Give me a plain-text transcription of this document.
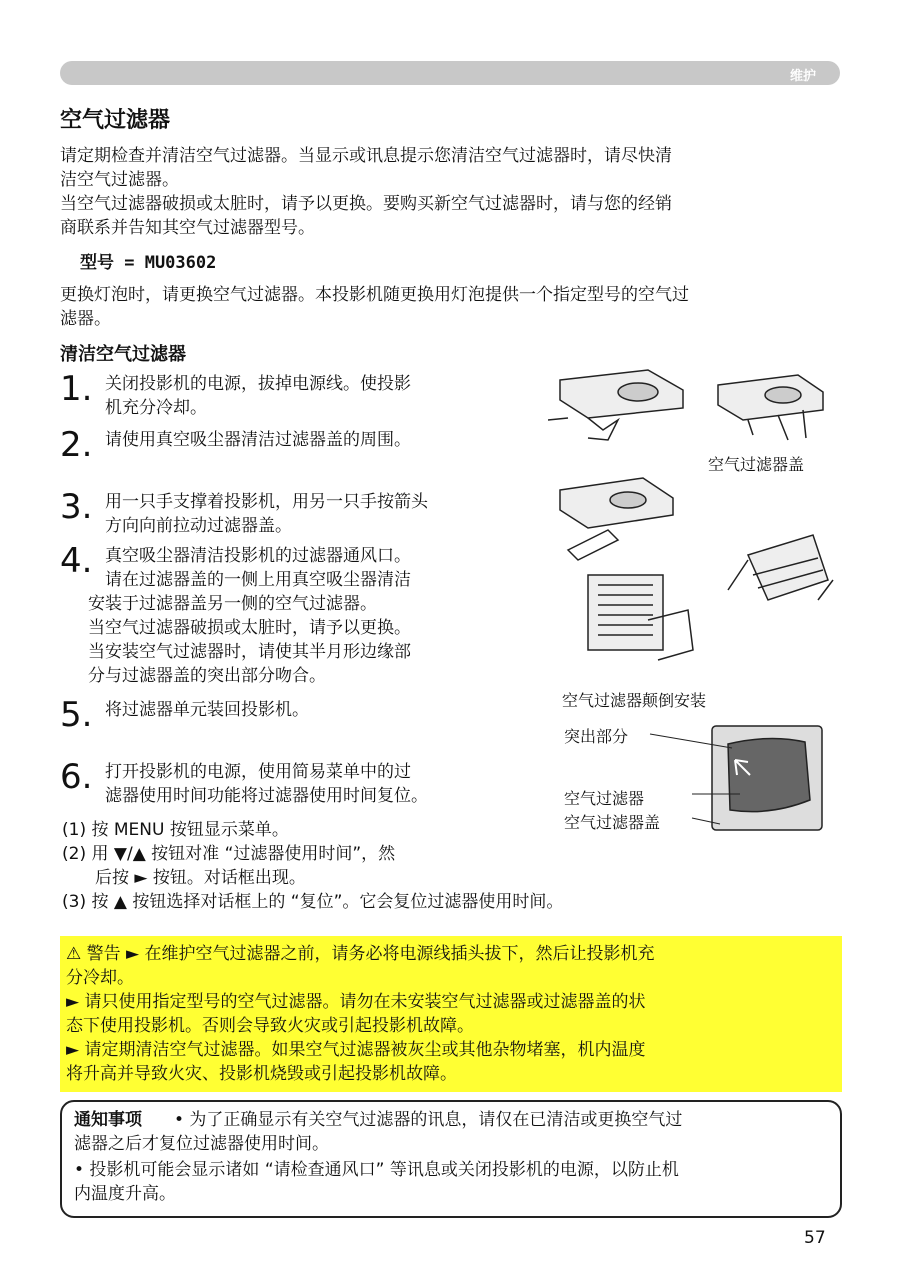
维护
空气过滤器
请定期检查并清洁空气过滤器。当显示或讯息提示您清洁空气过滤器时，请尽快清
洁空气过滤器。
当空气过滤器破损或太脏时，请予以更换。要购买新空气过滤器时，请与您的经销
商联系并告知其空气过滤器型号。
型号 = MU03602
更换灯泡时，请更换空气过滤器。本投影机随更换用灯泡提供一个指定型号的空气过
滤器。
清洁空气过滤器
1. 关闭投影机的电源，拔掉电源线。使投影
机充分冷却。
2. 请使用真空吸尘器清洁过滤器盖的周围。
3. 用一只手支撑着投影机，用另一只手按箭头
方向向前拉动过滤器盖。
4. 真空吸尘器清洁投影机的过滤器通风口。
请在过滤器盖的一侧上用真空吸尘器清洁
安装于过滤器盖另一侧的空气过滤器。
当空气过滤器破损或太脏时，请予以更换。
当安装空气过滤器时，请使其半月形边缘部
分与过滤器盖的突出部分吻合。
5. 将过滤器单元装回投影机。
6. 打开投影机的电源，使用简易菜单中的过
滤器使用时间功能将过滤器使用时间复位。
(1) 按 MENU 按钮显示菜单。
(2) 用 ▼/▲ 按钮对准 “过滤器使用时间”，然
后按 ► 按钮。对话框出现。
(3) 按 ▲ 按钮选择对话框上的 “复位”。它会复位过滤器使用时间。
空气过滤器盖
空气过滤器颠倒安装
突出部分
空气过滤器
空气过滤器盖
⚠ 警告 ► 在维护空气过滤器之前，请务必将电源线插头拔下，然后让投影机充
分冷却。
► 请只使用指定型号的空气过滤器。请勿在未安装空气过滤器或过滤器盖的状
态下使用投影机。否则会导致火灾或引起投影机故障。
► 请定期清洁空气过滤器。如果空气过滤器被灰尘或其他杂物堵塞，机内温度
将升高并导致火灾、投影机烧毁或引起投影机故障。
通知事项 • 为了正确显示有关空气过滤器的讯息，请仅在已清洁或更换空气过
滤器之后才复位过滤器使用时间。
• 投影机可能会显示诸如 “请检查通风口” 等讯息或关闭投影机的电源，以防止机
内温度升高。
57
